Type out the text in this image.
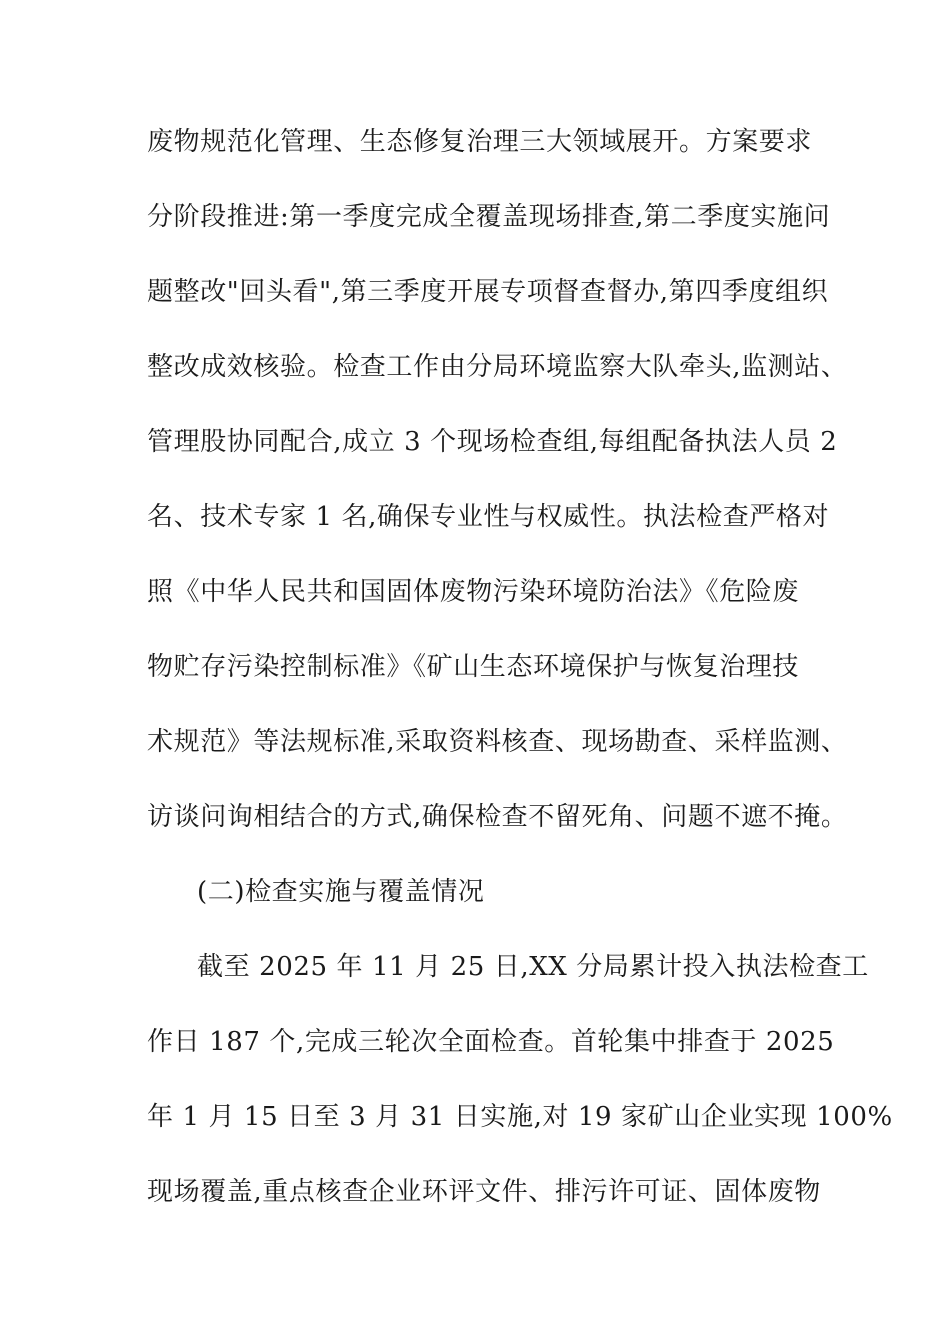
废物规范化管理、生态修复治理三大领域展开。方案要求
分阶段推进:第一季度完成全覆盖现场排查,第二季度实施问
题整改"回头看",第三季度开展专项督查督办,第四季度组织
整改成效核验。检查工作由分局环境监察大队牵头,监测站、
管理股协同配合,成立 3 个现场检查组,每组配备执法人员 2
名、技术专家 1 名,确保专业性与权威性。执法检查严格对
照《中华人民共和国固体废物污染环境防治法》《危险废
物贮存污染控制标准》《矿山生态环境保护与恢复治理技
术规范》等法规标准,采取资料核查、现场勘查、采样监测、
访谈问询相结合的方式,确保检查不留死角、问题不遮不掩。
(二)检查实施与覆盖情况
截至 2025 年 11 月 25 日,XX 分局累计投入执法检查工
作日 187 个,完成三轮次全面检查。首轮集中排查于 2025
年 1 月 15 日至 3 月 31 日实施,对 19 家矿山企业实现 100%
现场覆盖,重点核查企业环评文件、排污许可证、固体废物
